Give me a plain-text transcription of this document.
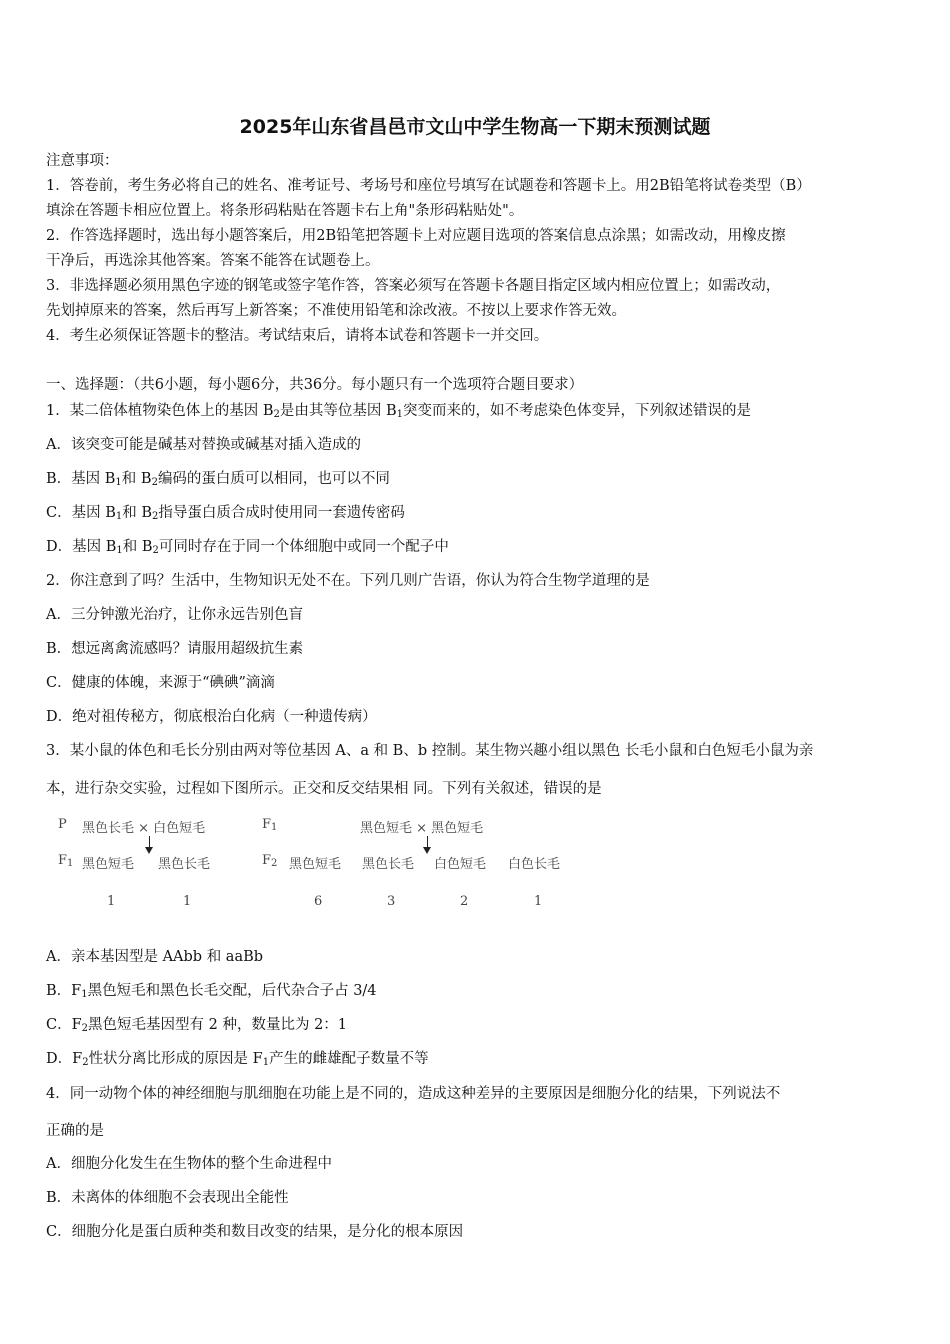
2025年山东省昌邑市文山中学生物高一下期末预测试题
注意事项：
1．答卷前，考生务必将自己的姓名、准考证号、考场号和座位号填写在试题卷和答题卡上。用2B铅笔将试卷类型（B）
填涂在答题卡相应位置上。将条形码粘贴在答题卡右上角"条形码粘贴处"。
2．作答选择题时，选出每小题答案后，用2B铅笔把答题卡上对应题目选项的答案信息点涂黑；如需改动，用橡皮擦
干净后，再选涂其他答案。答案不能答在试题卷上。
3．非选择题必须用黑色字迹的钢笔或签字笔作答，答案必须写在答题卡各题目指定区域内相应位置上；如需改动，
先划掉原来的答案，然后再写上新答案；不准使用铅笔和涂改液。不按以上要求作答无效。
4．考生必须保证答题卡的整洁。考试结束后，请将本试卷和答题卡一并交回。
一、选择题：（共6小题，每小题6分，共36分。每小题只有一个选项符合题目要求）
1．某二倍体植物染色体上的基因 $B_2$是由其等位基因 $B_1$突变而来的，如不考虑染色体变异，下列叙述错误的是
A．该突变可能是碱基对替换或碱基对插入造成的
B．基因 $B_1$和 $B_2$编码的蛋白质可以相同，也可以不同
C．基因 $B_1$和 $B_2$指导蛋白质合成时使用同一套遗传密码
D．基因 $B_1$和 $B_2$可同时存在于同一个体细胞中或同一个配子中
2．你注意到了吗？生活中，生物知识无处不在。下列几则广告语，你认为符合生物学道理的是
A．三分钟激光治疗，让你永远告别色盲
B．想远离禽流感吗？请服用超级抗生素
C．健康的体魄，来源于“碘碘”滴滴
D．绝对祖传秘方，彻底根治白化病（一种遗传病）
3．某小鼠的体色和毛长分别由两对等位基因 A、a 和 B、b 控制。某生物兴趣小组以黑色 长毛小鼠和白色短毛小鼠为亲
本，进行杂交实验，过程如下图所示。正交和反交结果相 同。下列有关叙述，错误的是
P 黑色长毛 × 白色短毛
$F_1$ 黑色短毛 黑色长毛
1	1
$F_1$	黑色短毛 × 黑色短毛
$F_2$ 黑色短毛 黑色长毛 白色短毛 白色长毛
6	3	2	1
A．亲本基因型是 AAbb 和 aaBb
B．$F_1$黑色短毛和黑色长毛交配，后代杂合子占 3/4
C．$F_2$黑色短毛基因型有 2 种，数量比为 2：1
D．$F_2$性状分离比形成的原因是 $F_1$产生的雌雄配子数量不等
4．同一动物个体的神经细胞与肌细胞在功能上是不同的，造成这种差异的主要原因是细胞分化的结果，下列说法不
正确的是
A．细胞分化发生在生物体的整个生命进程中
B．未离体的体细胞不会表现出全能性
C．细胞分化是蛋白质种类和数目改变的结果，是分化的根本原因
